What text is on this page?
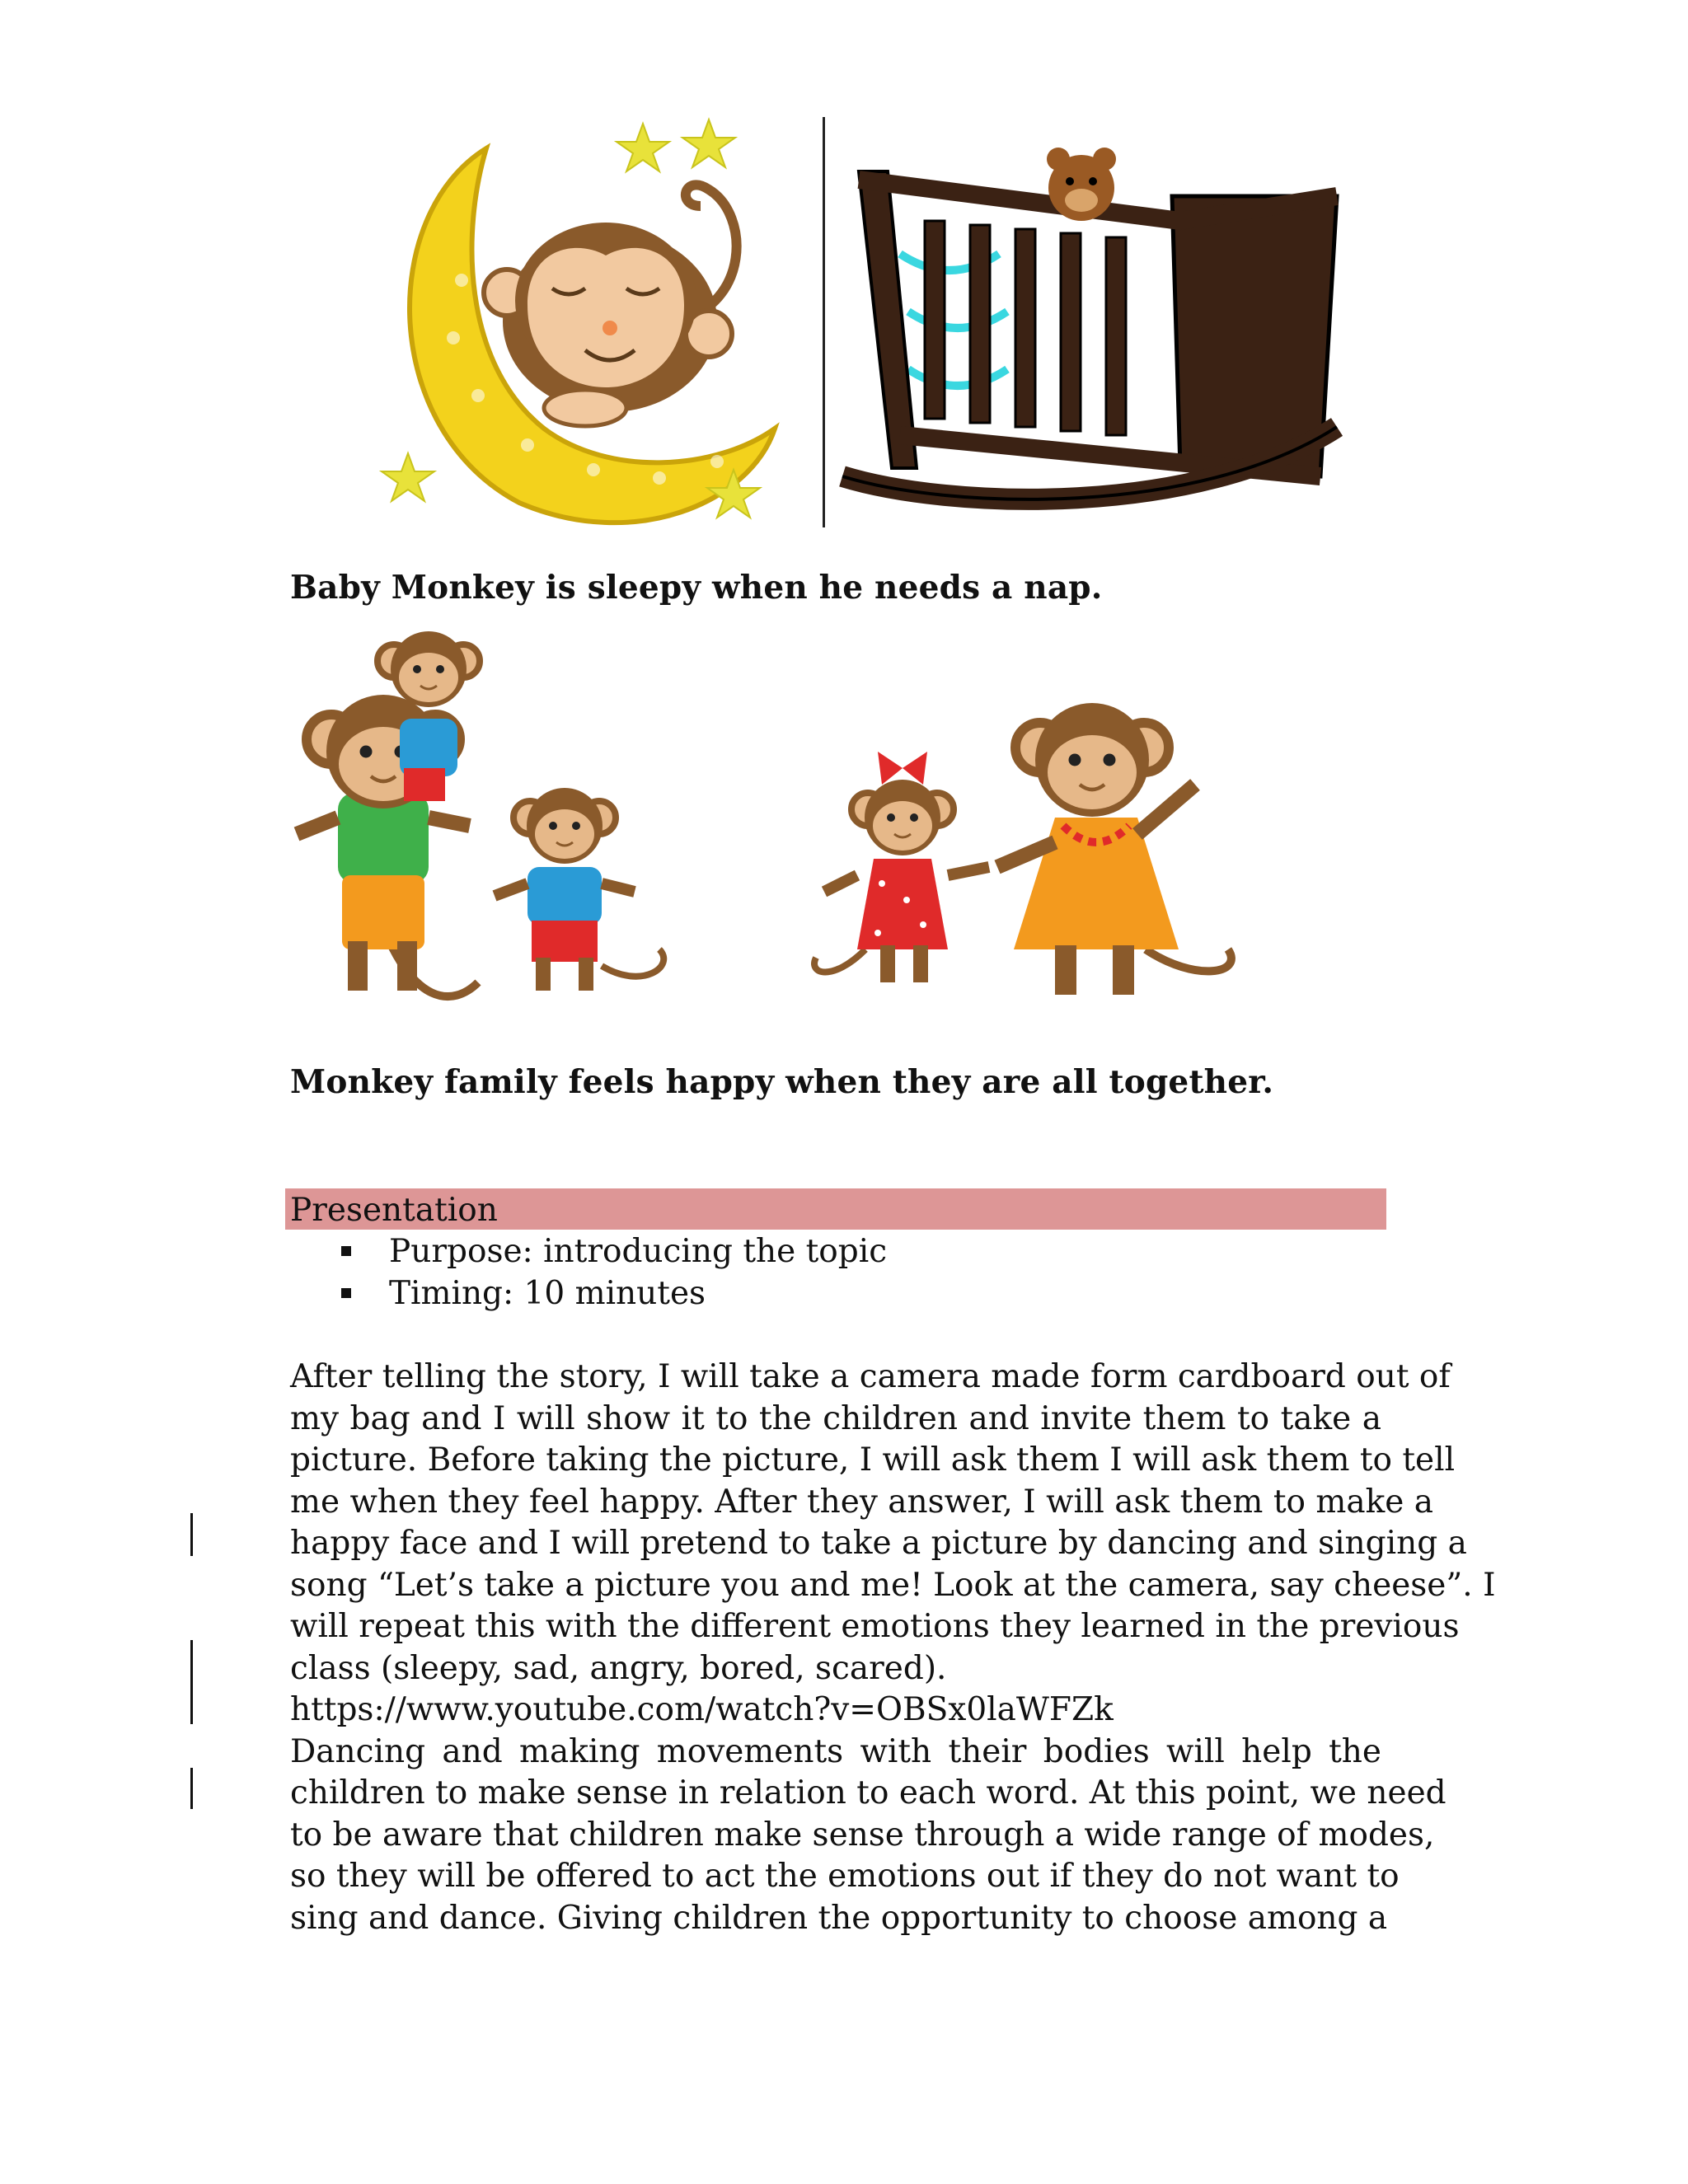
Baby Monkey is sleepy when he needs a nap.
Monkey family feels happy when they are all together.
Presentation
Purpose: introducing the topic
Timing: 10 minutes
After telling the story, I will take a camera made form cardboard out of
my bag and I will show it to the children and invite them to take a
picture. Before taking the picture, I will ask them I will ask them to tell
me when they feel happy. After they answer, I will ask them to make a
happy face and I will pretend to take a picture by dancing and singing a
song “Let’s take a picture you and me! Look at the camera, say cheese”. I
will repeat this with the different emotions they learned in the previous
class (sleepy, sad, angry, bored, scared).
https://www.youtube.com/watch?v=OBSx0laWFZk
Dancing and making movements with their bodies will help the
children to make sense in relation to each word. At this point, we need
to be aware that children make sense through a wide range of modes,
so they will be offered to act the emotions out if they do not want to
sing and dance. Giving children the opportunity to choose among a
